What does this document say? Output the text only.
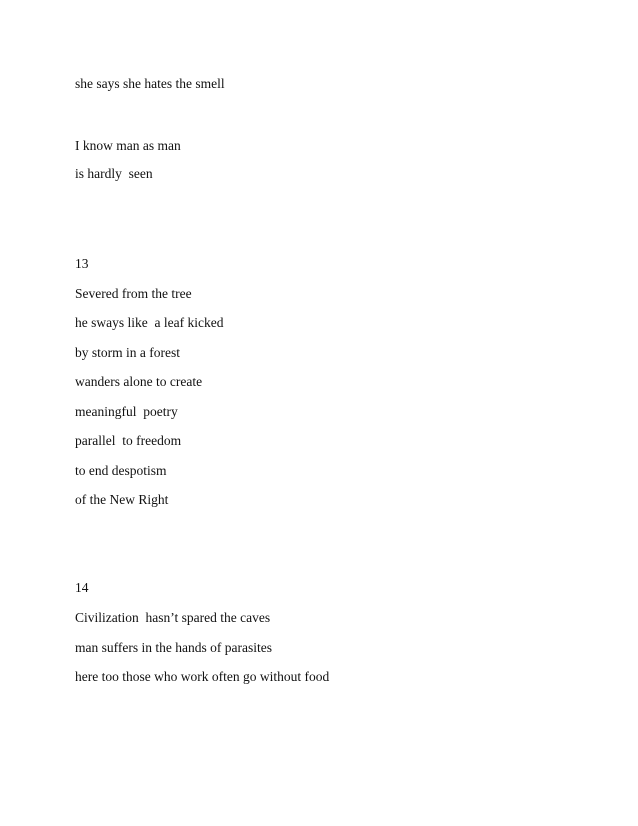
she says she hates the smell

I know man as man

is hardly  seen

13

Severed from the tree

he sways like  a leaf kicked

by storm in a forest

wanders alone to create

meaningful  poetry

parallel  to freedom

to end despotism

of the New Right

14

Civilization  hasn’t spared the caves

man suffers in the hands of parasites

here too those who work often go without food
